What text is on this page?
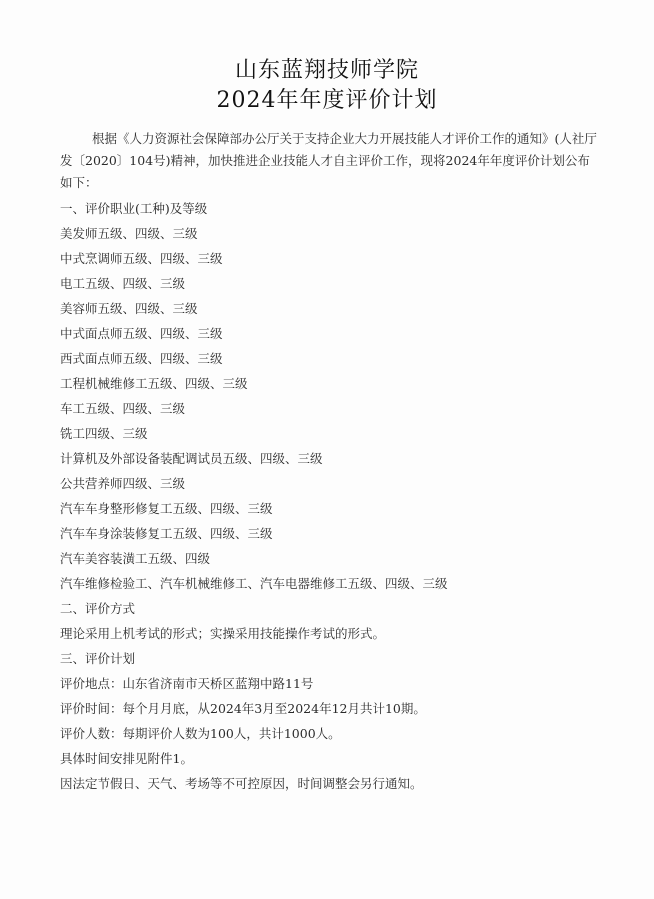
山东蓝翔技师学院
2024年年度评价计划

根据《人力资源社会保障部办公厅关于支持企业大力开展技能人才评价工作的通知》(人社厅发〔2020〕104号)精神，加快推进企业技能人才自主评价工作，现将2024年年度评价计划公布如下：

一、评价职业(工种)及等级
美发师五级、四级、三级
中式烹调师五级、四级、三级
电工五级、四级、三级
美容师五级、四级、三级
中式面点师五级、四级、三级
西式面点师五级、四级、三级
工程机械维修工五级、四级、三级
车工五级、四级、三级
铣工四级、三级
计算机及外部设备装配调试员五级、四级、三级
公共营养师四级、三级
汽车车身整形修复工五级、四级、三级
汽车车身涂装修复工五级、四级、三级
汽车美容装潢工五级、四级
汽车维修检验工、汽车机械维修工、汽车电器维修工五级、四级、三级
二、评价方式
理论采用上机考试的形式；实操采用技能操作考试的形式。
三、评价计划
评价地点：山东省济南市天桥区蓝翔中路11号
评价时间：每个月月底，从2024年3月至2024年12月共计10期。
评价人数：每期评价人数为100人，共计1000人。
具体时间安排见附件1。
因法定节假日、天气、考场等不可控原因，时间调整会另行通知。
